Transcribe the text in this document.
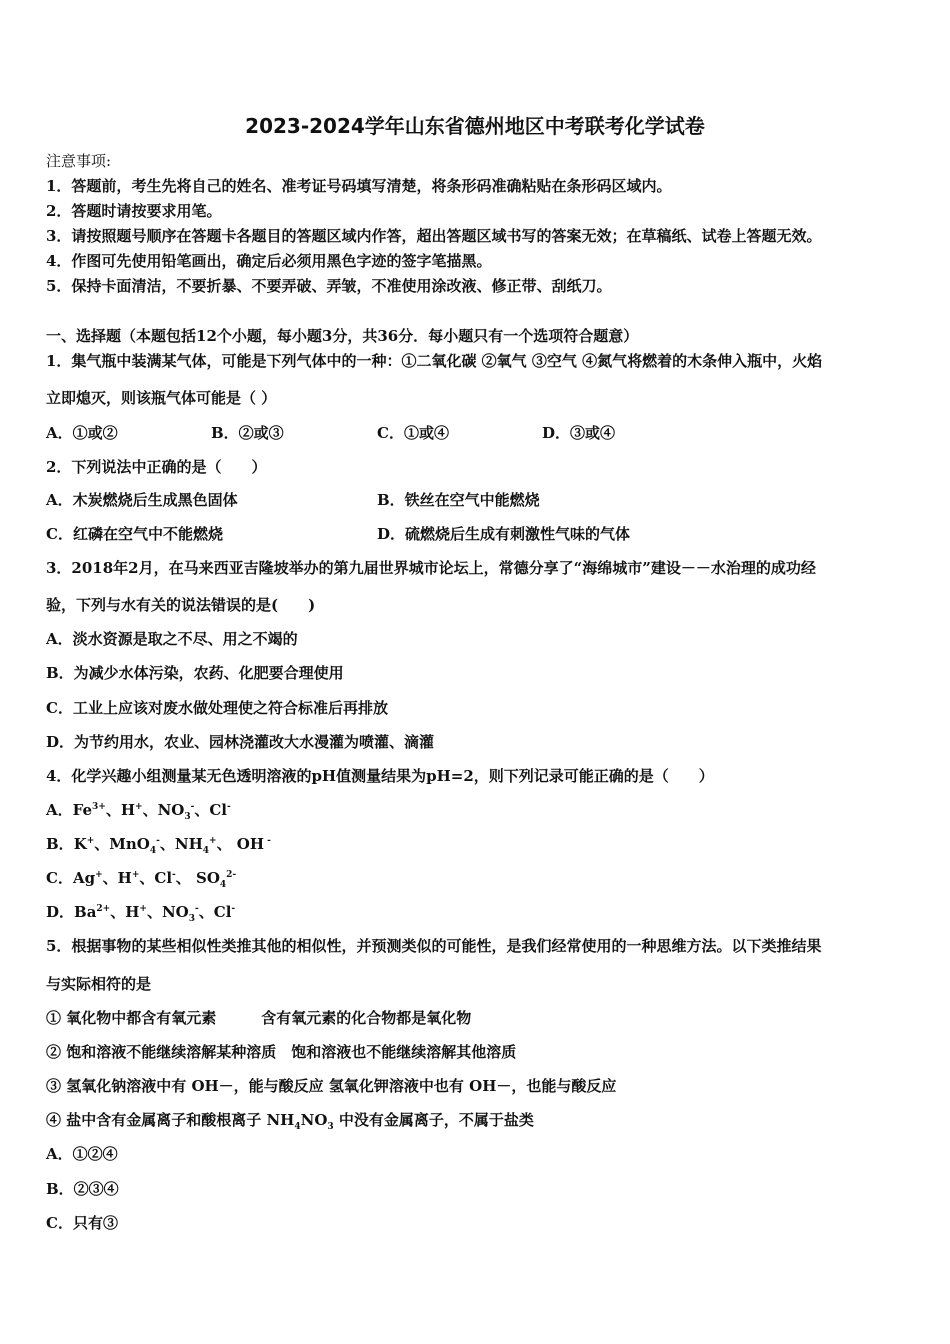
2023-2024学年山东省德州地区中考联考化学试卷
注意事项:
1．答题前，考生先将自己的姓名、准考证号码填写清楚，将条形码准确粘贴在条形码区域内。
2．答题时请按要求用笔。
3．请按照题号顺序在答题卡各题目的答题区域内作答，超出答题区域书写的答案无效；在草稿纸、试卷上答题无效。
4．作图可先使用铅笔画出，确定后必须用黑色字迹的签字笔描黑。
5．保持卡面清洁，不要折暴、不要弄破、弄皱，不准使用涂改液、修正带、刮纸刀。
一、选择题（本题包括12个小题，每小题3分，共36分．每小题只有一个选项符合题意）
1．集气瓶中装满某气体，可能是下列气体中的一种：①二氧化碳 ②氧气 ③空气 ④氮气将燃着的木条伸入瓶中，火焰
立即熄灭，则该瓶气体可能是（ ）
A．①或②	B．②或③	C．①或④	D．③或④
2．下列说法中正确的是（　　）
A．木炭燃烧后生成黑色固体	B．铁丝在空气中能燃烧
C．红磷在空气中不能燃烧	D．硫燃烧后生成有刺激性气味的气体
3．2018年2月，在马来西亚吉隆坡举办的第九届世界城市论坛上，常德分享了“海绵城市”建设－－水治理的成功经
验，下列与水有关的说法错误的是(　　)
A．淡水资源是取之不尽、用之不竭的
B．为减少水体污染，农药、化肥要合理使用
C．工业上应该对废水做处理使之符合标准后再排放
D．为节约用水，农业、园林浇灌改大水漫灌为喷灌、滴灌
4．化学兴趣小组测量某无色透明溶液的pH值测量结果为pH=2，则下列记录可能正确的是（　　）
A．$Fe^{3+}$、H+、$NO_3^-$、Cl-
B．K+、MnO$_4$-、$NH_4^+$、 OH -
C．Ag+、H+、Cl-、 $SO_4^{2-}$
D．$Ba^{2+}$、H+、$NO_3^-$、Cl-
5．根据事物的某些相似性类推其他的相似性，并预测类似的可能性，是我们经常使用的一种思维方法。以下类推结果
与实际相符的是
① 氧化物中都含有氧元素　　　含有氧元素的化合物都是氧化物
② 饱和溶液不能继续溶解某种溶质　饱和溶液也不能继续溶解其他溶质
③ 氢氧化钠溶液中有 OH－，能与酸反应 氢氧化钾溶液中也有 OH－，也能与酸反应
④ 盐中含有金属离子和酸根离子 $NH_4NO_3$ 中没有金属离子，不属于盐类
A．①②④
B．②③④
C．只有③
